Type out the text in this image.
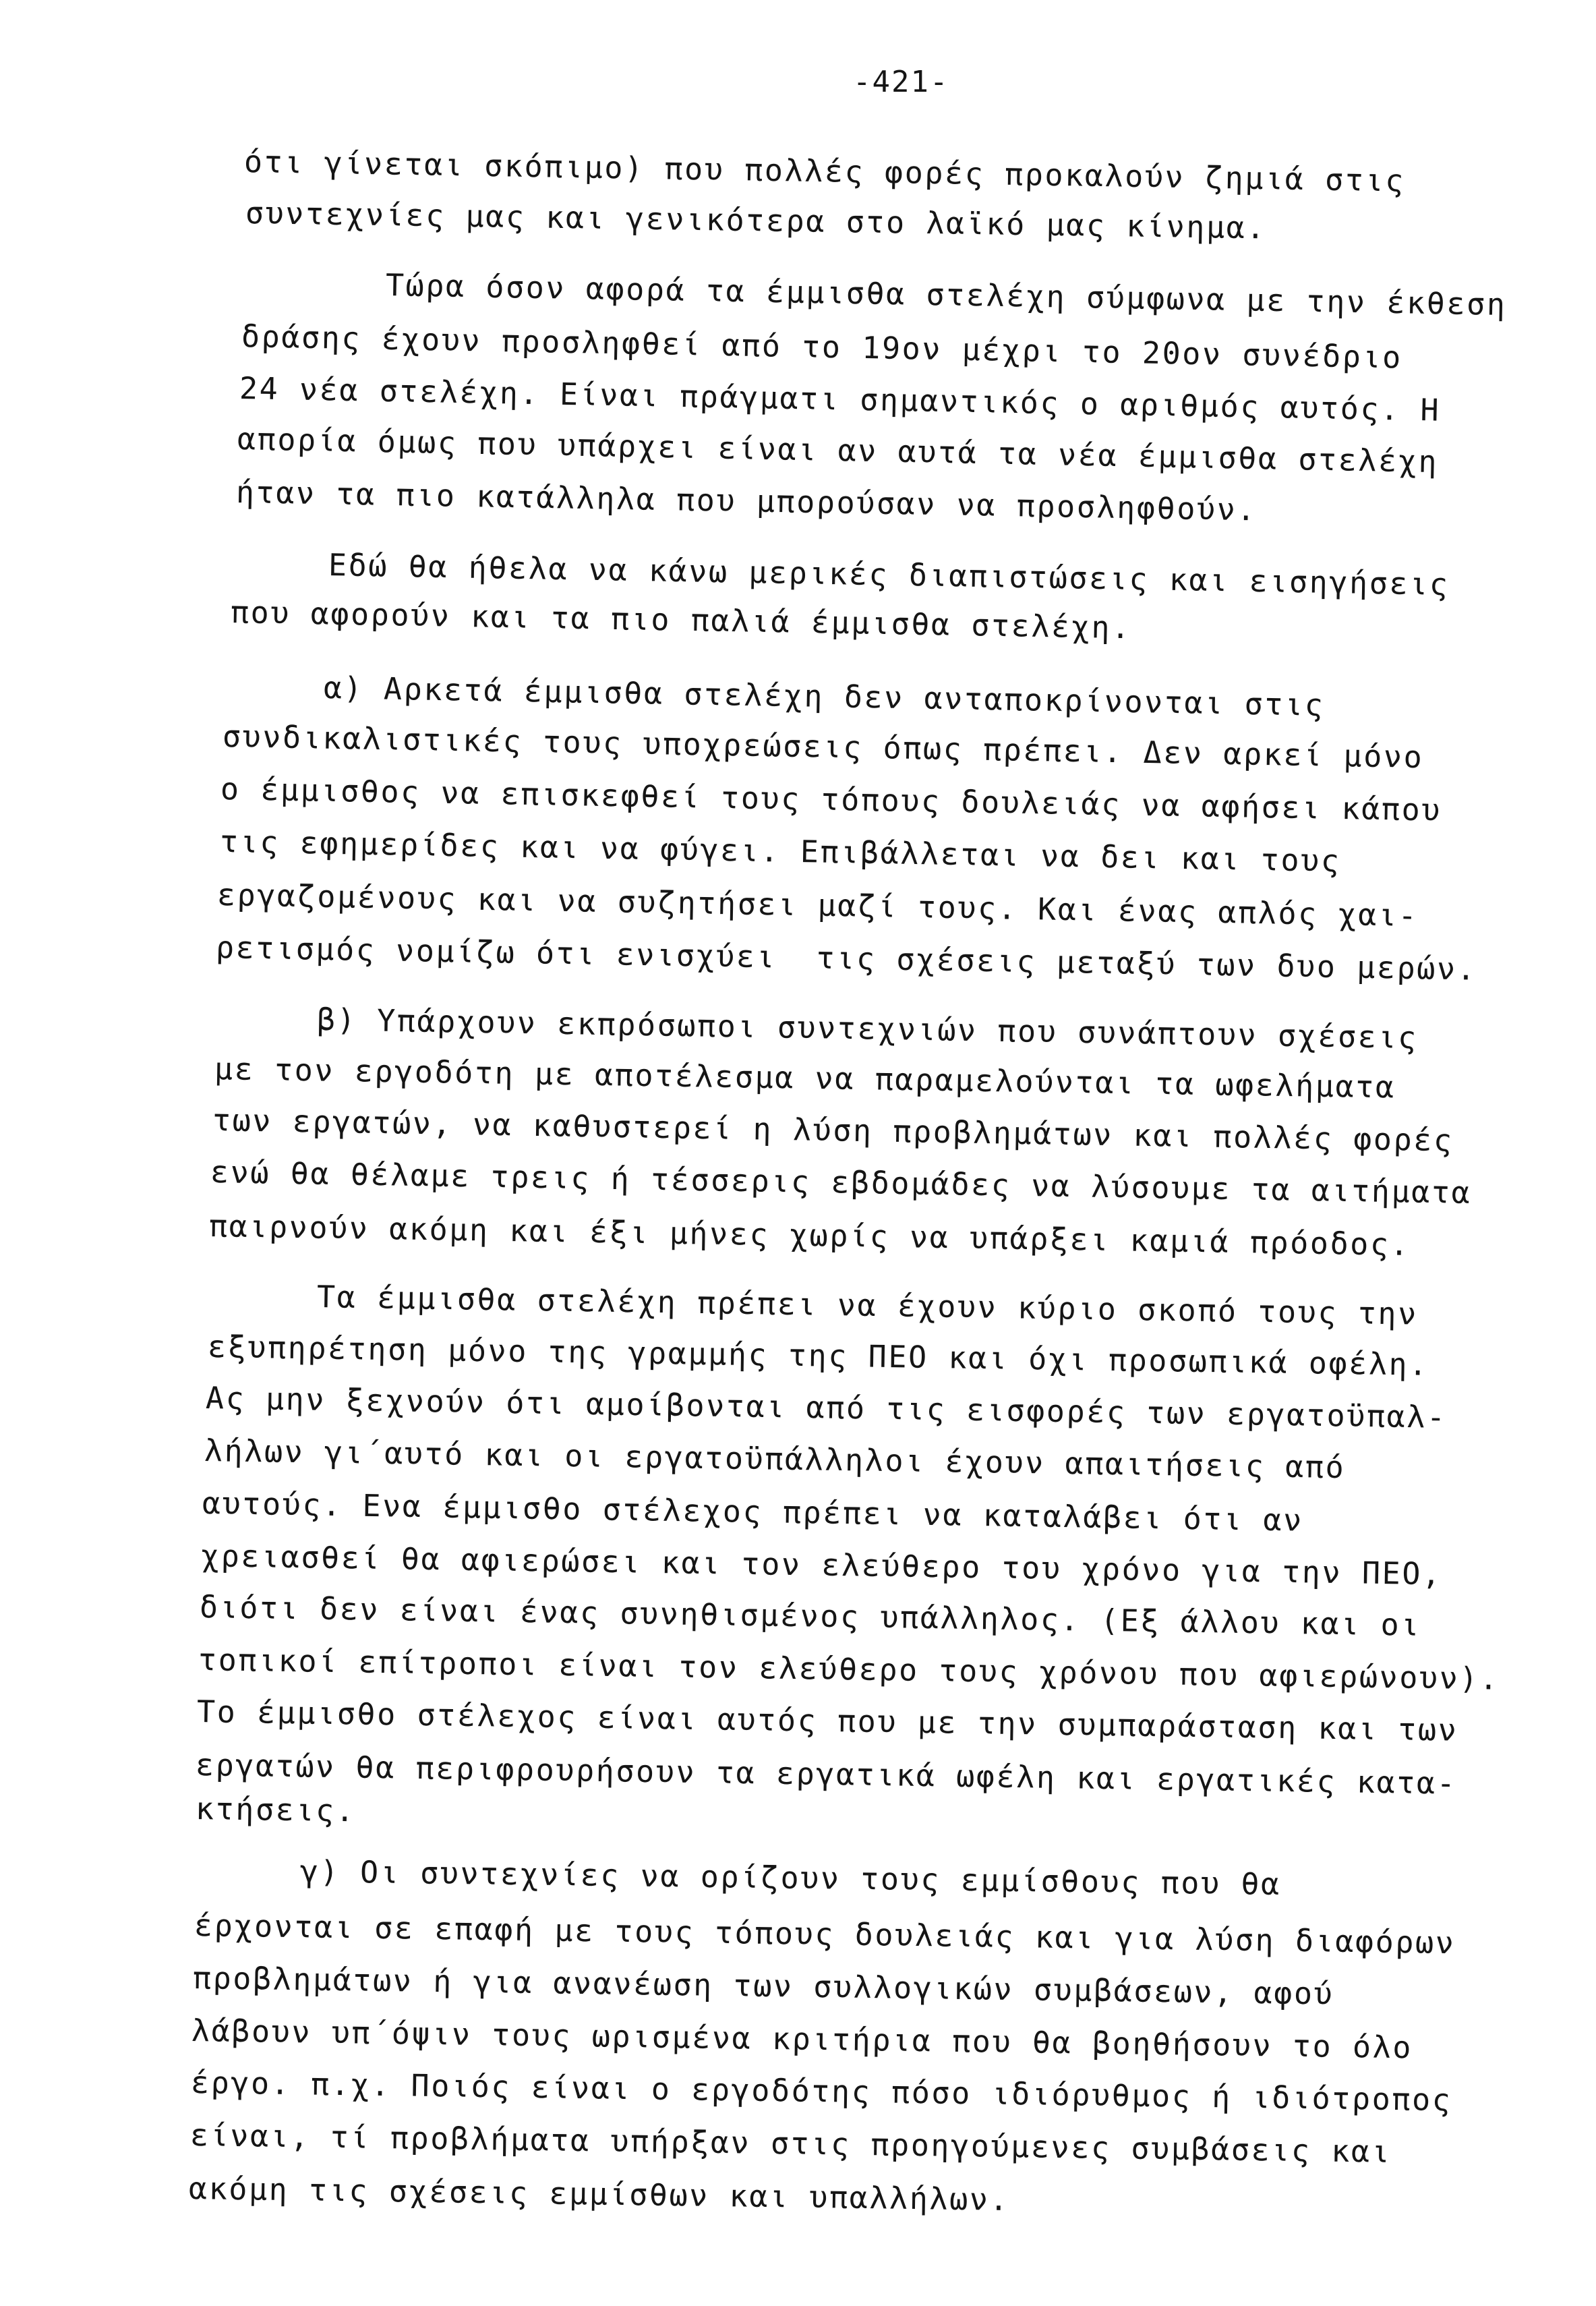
-421-
ότι γίνεται σκόπιμο) που πολλές φορές προκαλούν ζημιά στις
συντεχνίες μας και γενικότερα στο λαϊκό μας κίνημα.
Τώρα όσον αφορά τα έμμισθα στελέχη σύμφωνα με την έκθεση
δράσης έχουν προσληφθεί από το 19ον μέχρι το 20ον συνέδριο
24 νέα στελέχη. Είναι πράγματι σημαντικός ο αριθμός αυτός. Η
απορία όμως που υπάρχει είναι αν αυτά τα νέα έμμισθα στελέχη
ήταν τα πιο κατάλληλα που μπορούσαν να προσληφθούν.
Εδώ θα ήθελα να κάνω μερικές διαπιστώσεις και εισηγήσεις
που αφορούν και τα πιο παλιά έμμισθα στελέχη.
α) Αρκετά έμμισθα στελέχη δεν ανταποκρίνονται στις
συνδικαλιστικές τους υποχρεώσεις όπως πρέπει. Δεν αρκεί μόνο
ο έμμισθος να επισκεφθεί τους τόπους δουλειάς να αφήσει κάπου
τις εφημερίδες και να φύγει. Επιβάλλεται να δει και τους
εργαζομένους και να συζητήσει μαζί τους. Και ένας απλός χαι-
ρετισμός νομίζω ότι ενισχύει  τις σχέσεις μεταξύ των δυο μερών.
β) Υπάρχουν εκπρόσωποι συντεχνιών που συνάπτουν σχέσεις
με τον εργοδότη με αποτέλεσμα να παραμελούνται τα ωφελήματα
των εργατών, να καθυστερεί η λύση προβλημάτων και πολλές φορές
ενώ θα θέλαμε τρεις ή τέσσερις εβδομάδες να λύσουμε τα αιτήματα
παιρνούν ακόμη και έξι μήνες χωρίς να υπάρξει καμιά πρόοδος.
Τα έμμισθα στελέχη πρέπει να έχουν κύριο σκοπό τους την
εξυπηρέτηση μόνο της γραμμής της ΠΕΟ και όχι προσωπικά οφέλη.
Ας μην ξεχνούν ότι αμοίβονται από τις εισφορές των εργατοϋπαλ-
λήλων γι΄αυτό και οι εργατοϋπάλληλοι έχουν απαιτήσεις από
αυτούς. Ενα έμμισθο στέλεχος πρέπει να καταλάβει ότι αν
χρειασθεί θα αφιερώσει και τον ελεύθερο του χρόνο για την ΠΕΟ,
διότι δεν είναι ένας συνηθισμένος υπάλληλος. (Εξ άλλου και οι
τοπικοί επίτροποι είναι τον ελεύθερο τους χρόνου που αφιερώνουν).
Το έμμισθο στέλεχος είναι αυτός που με την συμπαράσταση και των
εργατών θα περιφρουρήσουν τα εργατικά ωφέλη και εργατικές κατα-
κτήσεις.
γ) Οι συντεχνίες να ορίζουν τους εμμίσθους που θα
έρχονται σε επαφή με τους τόπους δουλειάς και για λύση διαφόρων
προβλημάτων ή για ανανέωση των συλλογικών συμβάσεων, αφού
λάβουν υπ΄όψιν τους ωρισμένα κριτήρια που θα βοηθήσουν το όλο
έργο. π.χ. Ποιός είναι ο εργοδότης πόσο ιδιόρυθμος ή ιδιότροπος
είναι, τί προβλήματα υπήρξαν στις προηγούμενες συμβάσεις και
ακόμη τις σχέσεις εμμίσθων και υπαλλήλων.
